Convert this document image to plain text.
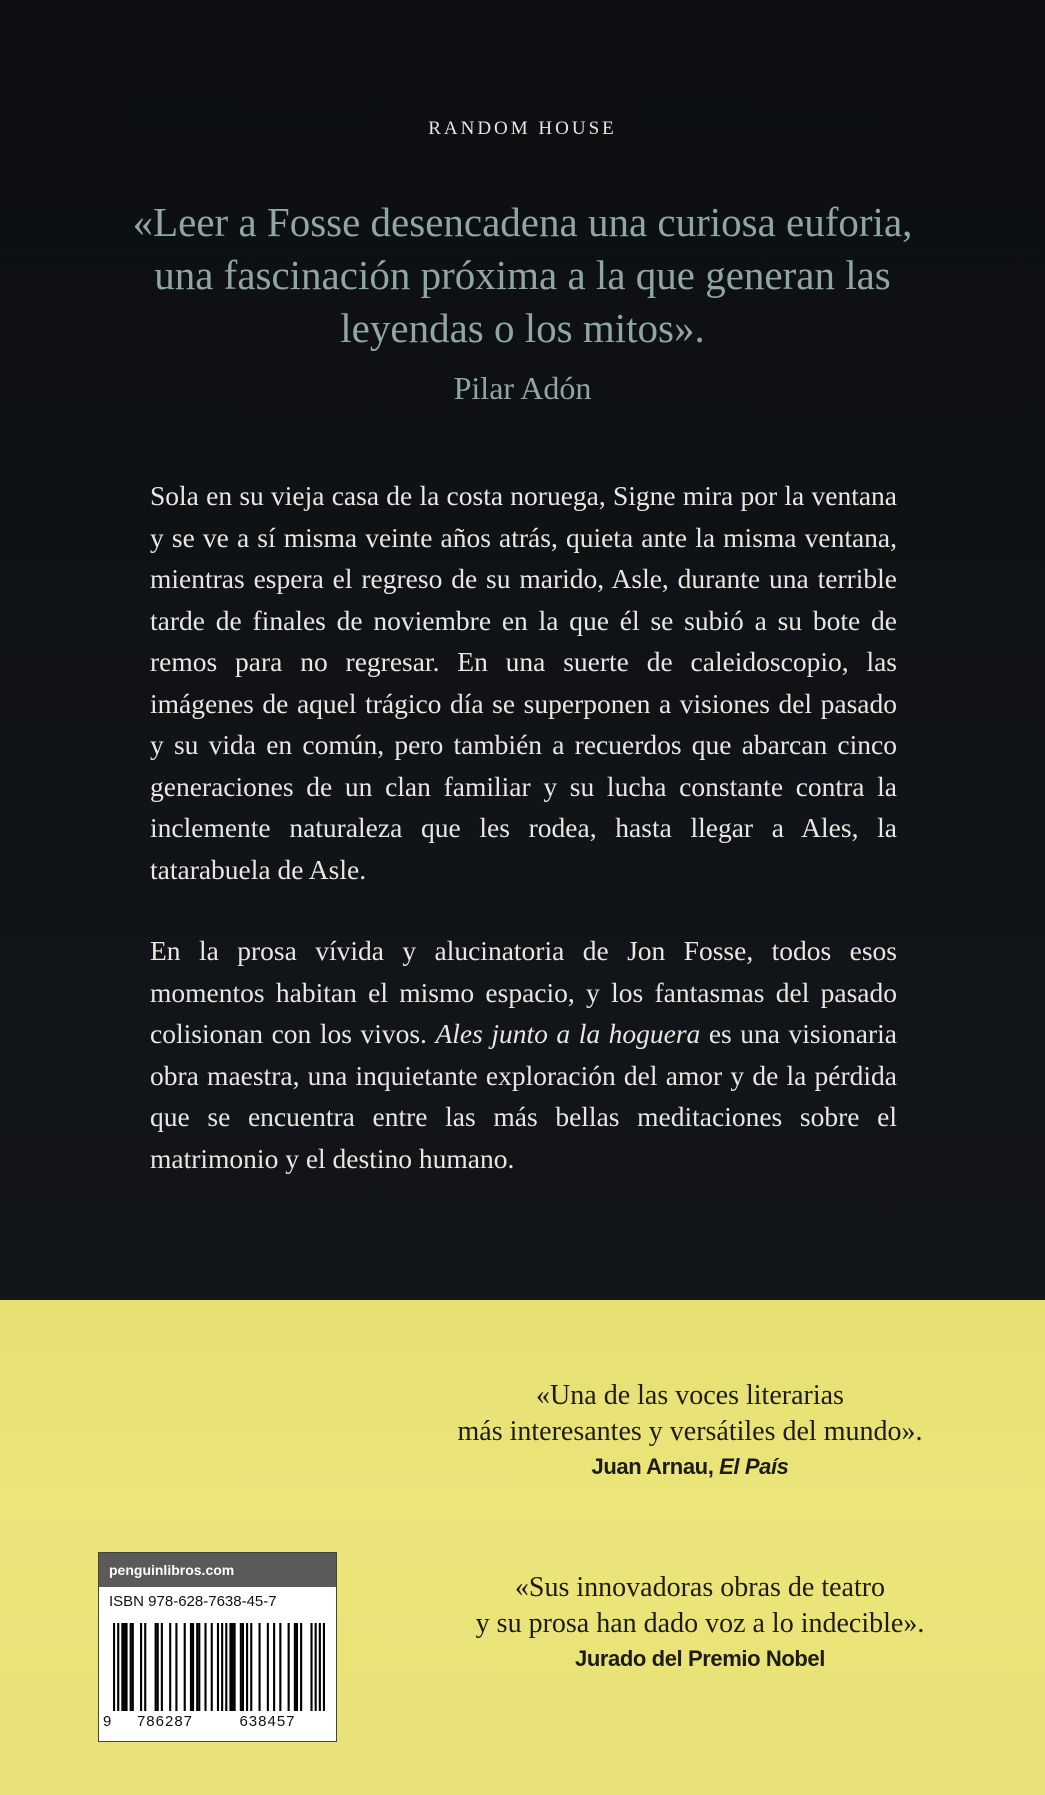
RANDOM HOUSE
«Leer a Fosse desencadena una curiosa euforia, una fascinación próxima a la que generan las leyendas o los mitos».
Pilar Adón

Sola en su vieja casa de la costa noruega, Signe mira por la ventana y se ve a sí misma veinte años atrás, quieta ante la misma ventana, mientras espera el regreso de su marido, Asle, durante una terrible tarde de finales de noviembre en la que él se subió a su bote de remos para no regresar. En una suerte de caleidoscopio, las imágenes de aquel trágico día se superponen a visiones del pasado y su vida en común, pero también a recuerdos que abarcan cinco generaciones de un clan familiar y su lucha constante contra la inclemente naturaleza que les rodea, hasta llegar a Ales, la tatarabuela de Asle.

En la prosa vívida y alucinatoria de Jon Fosse, todos esos momentos habitan el mismo espacio, y los fantasmas del pasado colisionan con los vivos. Ales junto a la hoguera es una visionaria obra maestra, una inquietante exploración del amor y de la pérdida que se encuentra entre las más bellas meditaciones sobre el matrimonio y el destino humano.

«Una de las voces literarias
más interesantes y versátiles del mundo».
Juan Arnau, El País
«Sus innovadoras obras de teatro
y su prosa han dado voz a lo indecible».
Jurado del Premio Nobel
penguinlibros.com
ISBN 978-628-7638-45-7
9	786287	638457
